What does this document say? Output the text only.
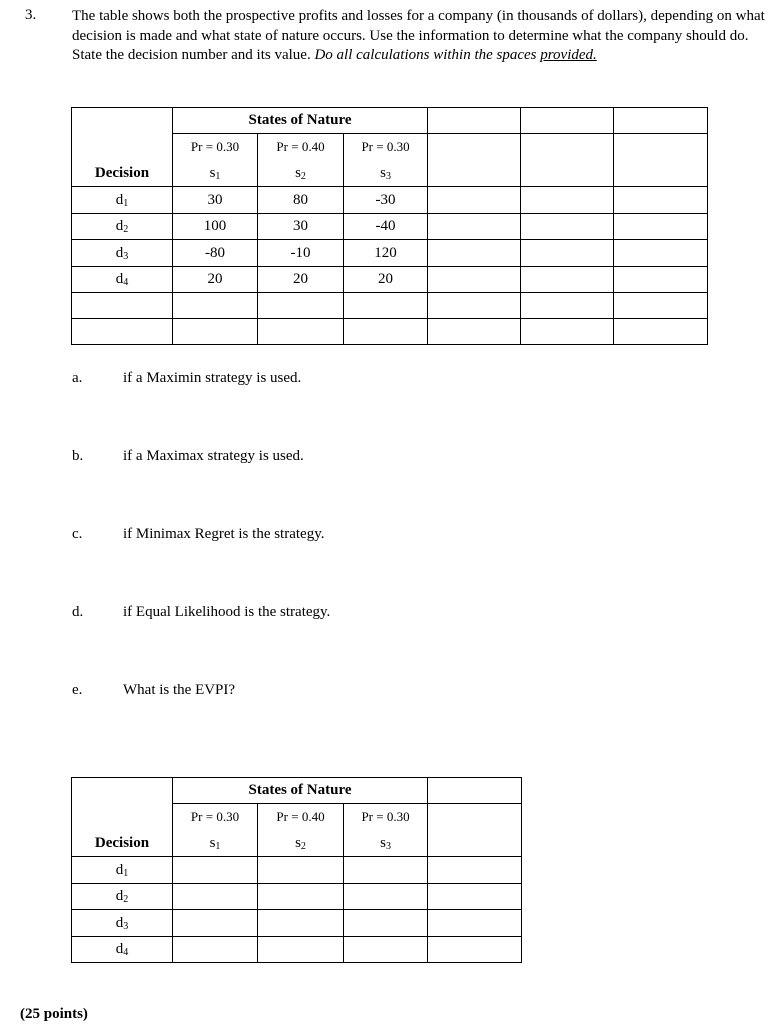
3. The table shows both the prospective profits and losses for a company (in thousands of dollars), depending on what decision is made and what state of nature occurs. Use the information to determine what the company should do. State the decision number and its value. Do all calculations within the spaces provided.
	States of Nature					
	Pr = 0.30	Pr = 0.40	Pr = 0.30			
Decision	$s_1$	$s_2$	$s_3$
$d_1$	30	80	-30			
$d_2$	100	30	-40			
$d_3$	-80	-10	120			
$d_4$	20	20	20			

a.	if a Maximin strategy is used.
b.	if a Maximax strategy is used.
c.	if Minimax Regret is the strategy.
d.	if Equal Likelihood is the strategy.
e.	What is the EVPI?
	States of Nature			
	Pr = 0.30	Pr = 0.40	Pr = 0.30	
Decision	$s_1$	$s_2$	$s_3$
$d_1$				
$d_2$				
$d_3$				
$d_4$				
(25 points)
